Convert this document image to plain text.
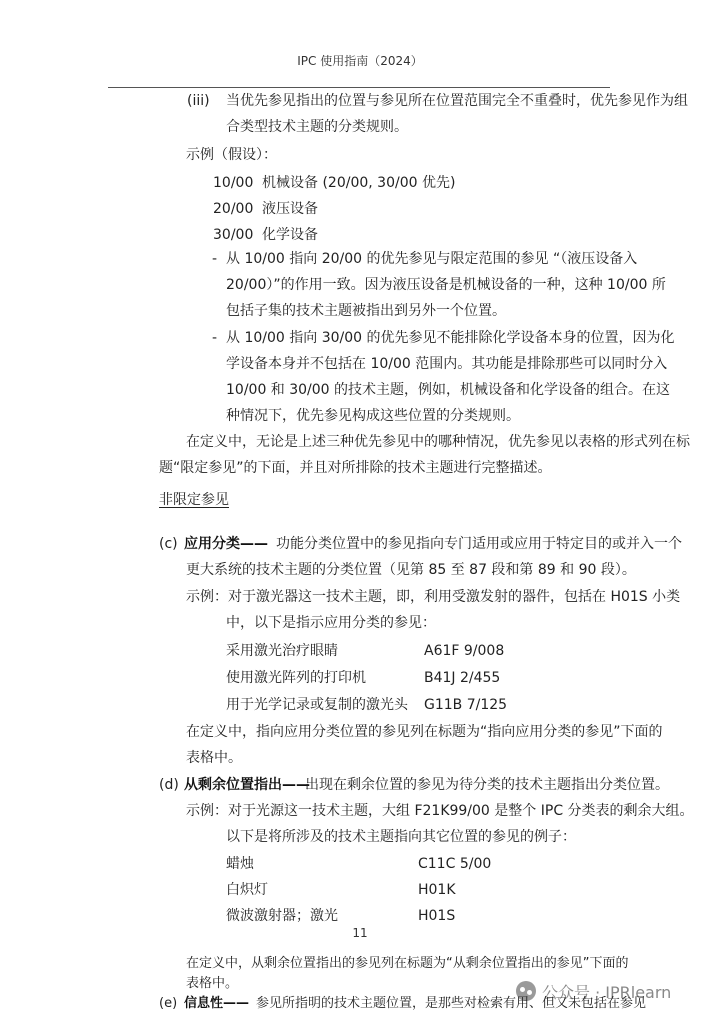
IPC 使用指南（2024）
(iii) 当优先参见指出的位置与参见所在位置范围完全不重叠时，优先参见作为组
合类型技术主题的分类规则。
示例（假设）：
10/00 机械设备 (20/00, 30/00 优先)
20/00 液压设备
30/00 化学设备
- 从 10/00 指向 20/00 的优先参见与限定范围的参见 “（液压设备入
20/00）”的作用一致。因为液压设备是机械设备的一种，这种 10/00 所
包括子集的技术主题被指出到另外一个位置。
- 从 10/00 指向 30/00 的优先参见不能排除化学设备本身的位置，因为化
学设备本身并不包括在 10/00 范围内。其功能是排除那些可以同时分入
10/00 和 30/00 的技术主题，例如，机械设备和化学设备的组合。在这
种情况下，优先参见构成这些位置的分类规则。
在定义中，无论是上述三种优先参见中的哪种情况，优先参见以表格的形式列在标
题“限定参见”的下面，并且对所排除的技术主题进行完整描述。
非限定参见
(c) 应用分类—— 功能分类位置中的参见指向专门适用或应用于特定目的或并入一个
更大系统的技术主题的分类位置（见第 85 至 87 段和第 89 和 90 段）。
示例：对于激光器这一技术主题，即，利用受激发射的器件，包括在 H01S 小类
中，以下是指示应用分类的参见：
采用激光治疗眼睛	A61F 9/008
使用激光阵列的打印机	B41J 2/455
用于光学记录或复制的激光头 G11B 7/125
在定义中，指向应用分类位置的参见列在标题为“指向应用分类的参见”下面的
表格中。
(d) 从剩余位置指出——
出现在剩余位置的参见为待分类的技术主题指出分类位置。
示例：对于光源这一技术主题，大组 F21K99/00 是整个 IPC 分类表的剩余大组。
以下是将所涉及的技术主题指向其它位置的参见的例子：
蜡烛	C11C 5/00
白炽灯	H01K
微波激射器；激光	H01S
11
公众号 · IPRlearn
在定义中，从剩余位置指出的参见列在标题为“从剩余位置指出的参见”下面的
表格中。
(e) 信息性—— 参见所指明的技术主题位置，是那些对检索有用、但又未包括在参见
